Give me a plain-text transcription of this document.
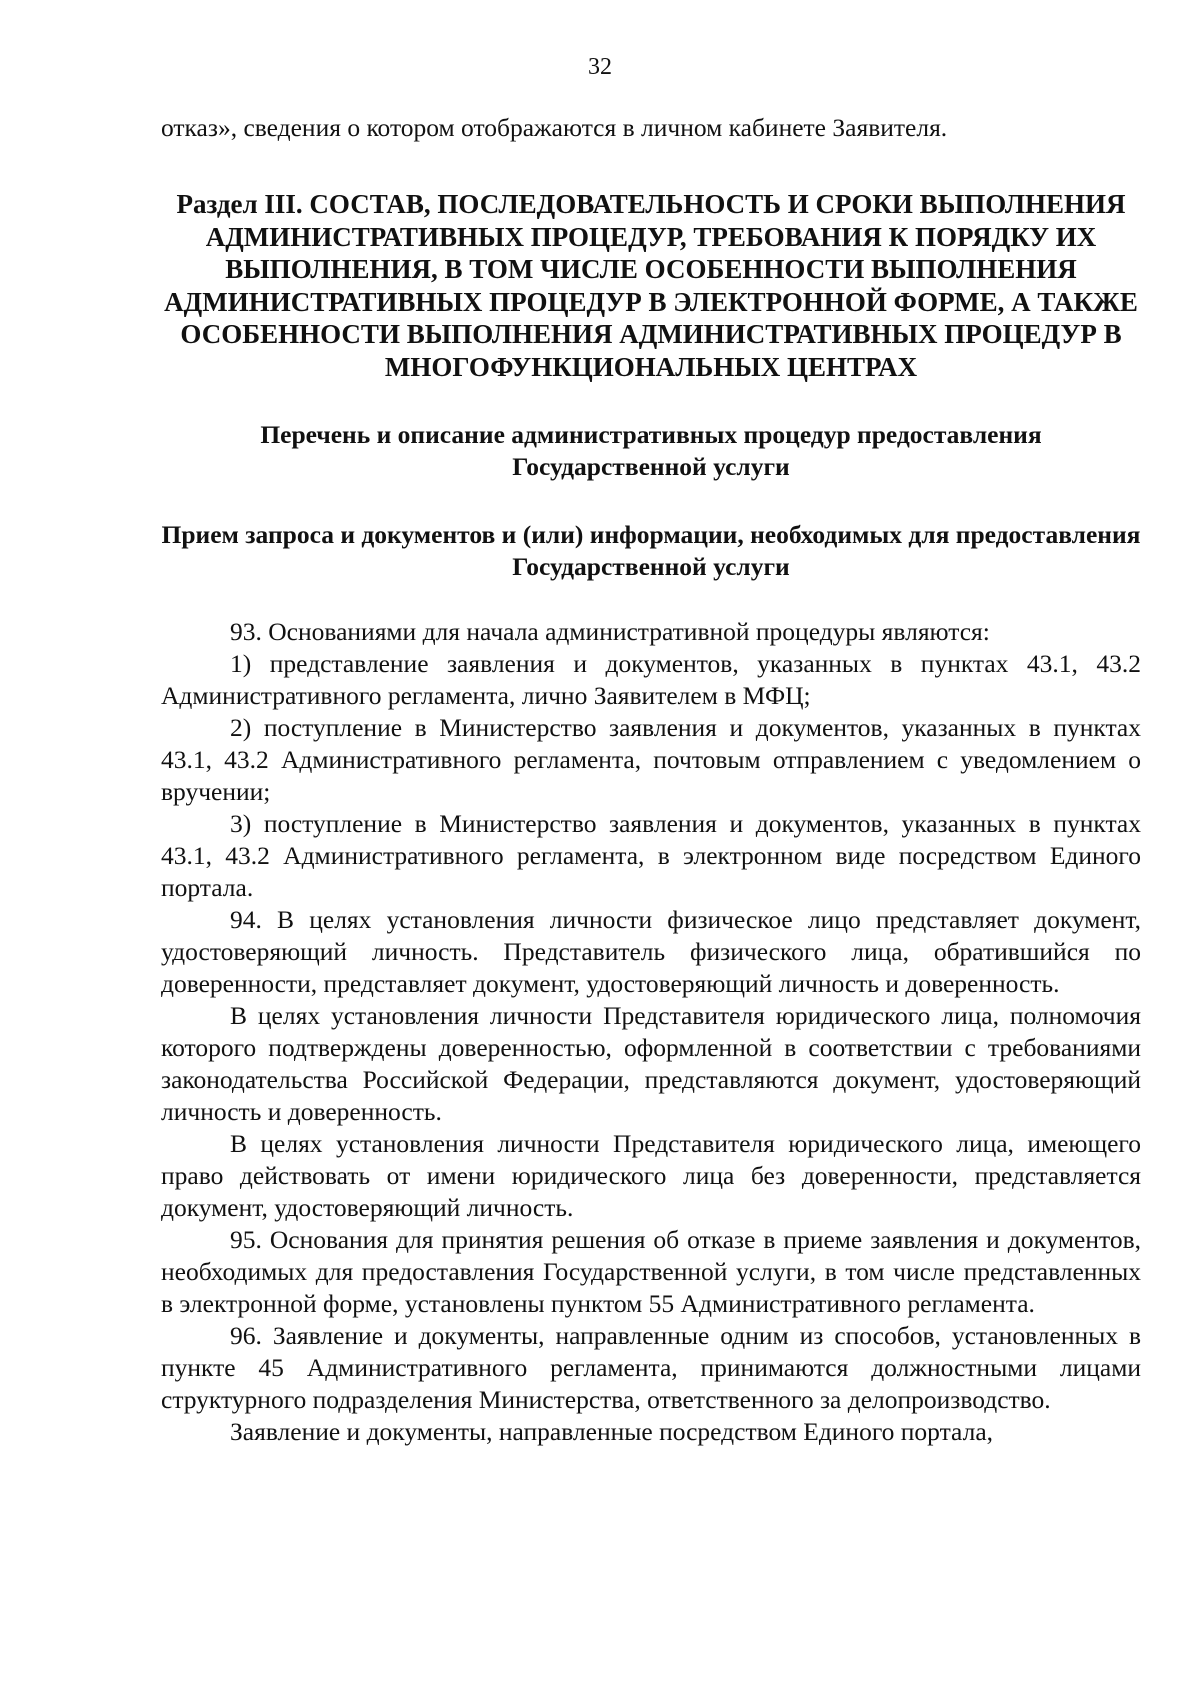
32

отказ», сведения о котором отображаются в личном кабинете Заявителя.

Раздел III. СОСТАВ, ПОСЛЕДОВАТЕЛЬНОСТЬ И СРОКИ ВЫПОЛНЕНИЯ АДМИНИСТРАТИВНЫХ ПРОЦЕДУР, ТРЕБОВАНИЯ К ПОРЯДКУ ИХ ВЫПОЛНЕНИЯ, В ТОМ ЧИСЛЕ ОСОБЕННОСТИ ВЫПОЛНЕНИЯ АДМИНИСТРАТИВНЫХ ПРОЦЕДУР В ЭЛЕКТРОННОЙ ФОРМЕ, А ТАКЖЕ ОСОБЕННОСТИ ВЫПОЛНЕНИЯ АДМИНИСТРАТИВНЫХ ПРОЦЕДУР В МНОГОФУНКЦИОНАЛЬНЫХ ЦЕНТРАХ
Перечень и описание административных процедур предоставления Государственной услуги
Прием запроса и документов и (или) информации, необходимых для предоставления Государственной услуги

93. Основаниями для начала административной процедуры являются:

1) представление заявления и документов, указанных в пунктах 43.1, 43.2 Административного регламента, лично Заявителем в МФЦ;

2) поступление в Министерство заявления и документов, указанных в пунктах 43.1, 43.2 Административного регламента, почтовым отправлением с уведомлением о вручении;

3) поступление в Министерство заявления и документов, указанных в пунктах 43.1, 43.2 Административного регламента, в электронном виде посредством Единого портала.

94. В целях установления личности физическое лицо представляет документ, удостоверяющий личность. Представитель физического лица, обратившийся по доверенности, представляет документ, удостоверяющий личность и доверенность.

В целях установления личности Представителя юридического лица, полномочия которого подтверждены доверенностью, оформленной в соответствии с требованиями законодательства Российской Федерации, представляются документ, удостоверяющий личность и доверенность.

В целях установления личности Представителя юридического лица, имеющего право действовать от имени юридического лица без доверенности, представляется документ, удостоверяющий личность.

95. Основания для принятия решения об отказе в приеме заявления и документов, необходимых для предоставления Государственной услуги, в том числе представленных в электронной форме, установлены пунктом 55 Административного регламента.

96. Заявление и документы, направленные одним из способов, установленных в пункте 45 Административного регламента, принимаются должностными лицами структурного подразделения Министерства, ответственного за делопроизводство.

Заявление и документы, направленные посредством Единого портала,
